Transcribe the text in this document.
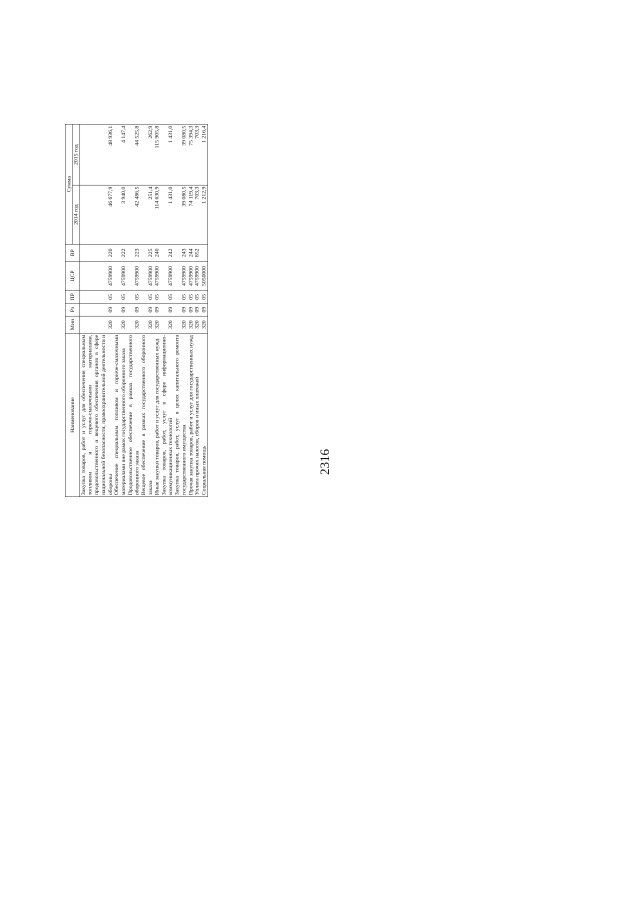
2316
Наименование	Мин	Рз	ПР	ЦСР	ВР	Сумма	
						2014 год	2015 год
Закупка товаров, работ и услуг для обеспечения специальным топливом и горюче-смазочными материалами, продовольственного и вещевого обеспечения органов в сфере национальной безопасности, правоохранительной деятельности и обороны	320	09	05	4759900	220	46 677,9	48 936,1
Обеспечение специальным топливом и горюче-смазочными материалами вне рамок государственного оборонного заказа	320	09	05	4759900	222	3 940,0	4 147,4
Продовольственное обеспечение в рамках государственного оборонного заказа	320	09	05	4759900	223	42 486,5	44 525,8
Вещевое обеспечение в рамках государственного оборонного заказа	320	09	05	4759900	225	251,4	262,9
Иные закупки товаров, работ и услуг для государственных нужд	320	09	05	4759900	240	114 630,9	115 905,8
Закупка товаров, работ, услуг в сфере информационно-коммуникационных технологий	320	09	05	4759900	242	1 431,0	1 431,0
Закупка товаров, работ, услуг в целях капитального ремонта государственного имущества	320	09	05	4759900	243	39 080,5	39 080,5
Прочая закупка товаров, работ и услуг для государственных нужд	320	09	05	4759900	244	74 119,4	75 394,3
Уплата прочих налогов, сборов и иных платежей	320	09	05	4759900	852	703,3	703,3
Социальная помощь	320	09	05	5050000		1 212,9	1 216,4
